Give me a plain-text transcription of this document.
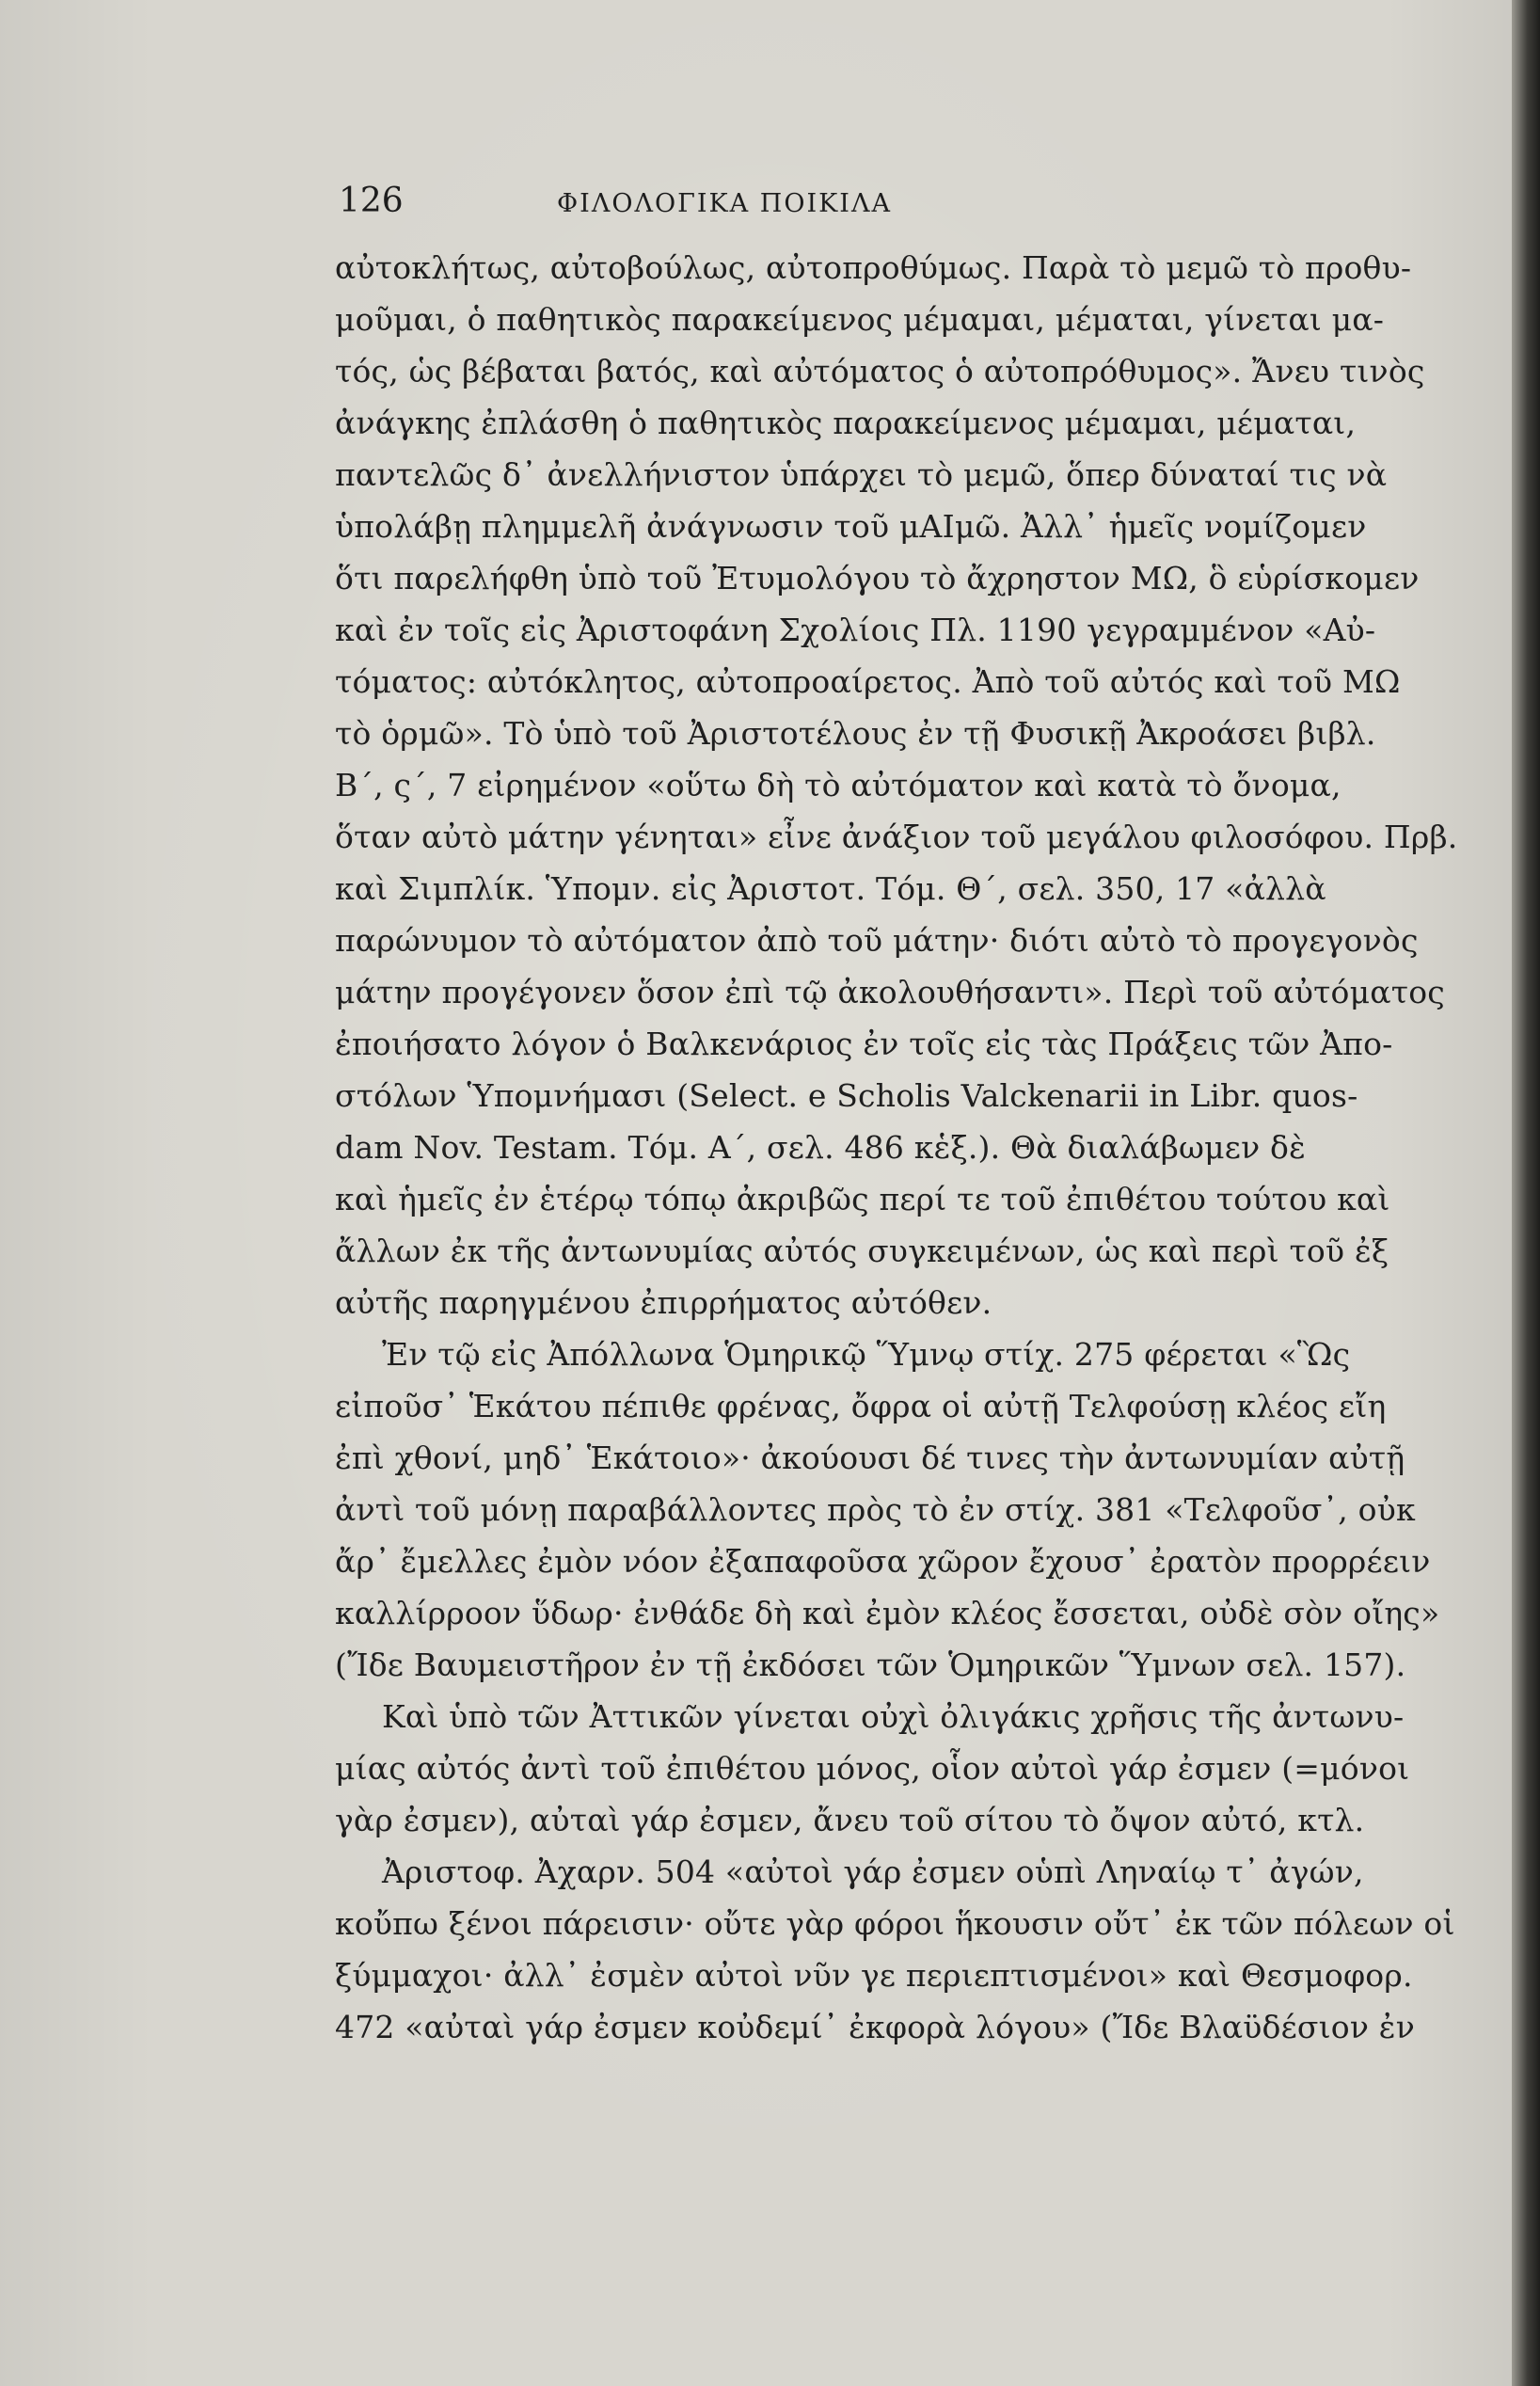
126	ΦΙΛΟΛΟΓΙΚΑ ΠΟΙΚΙΛΑ
αὐτοκλήτως, αὐτοβούλως, αὐτοπροθύμως. Παρὰ τὸ μεμῶ τὸ προθυ-
μοῦμαι, ὁ παθητικὸς παρακείμενος μέμαμαι, μέμαται, γίνεται μα-
τός, ὡς βέβαται βατός, καὶ αὐτόματος ὁ αὐτοπρόθυμος». Ἄνευ τινὸς
ἀνάγκης ἐπλάσθη ὁ παθητικὸς παρακείμενος μέμαμαι, μέμαται,
παντελῶς δ᾽ ἀνελλήνιστον ὑπάρχει τὸ μεμῶ, ὅπερ δύναταί τις νὰ
ὑπολάβῃ πλημμελῆ ἀνάγνωσιν τοῦ μΑΙμῶ. Ἀλλ᾽ ἡμεῖς νομίζομεν
ὅτι παρελήφθη ὑπὸ τοῦ Ἐτυμολόγου τὸ ἄχρηστον ΜΩ, ὃ εὑρίσκομεν
καὶ ἐν τοῖς εἰς Ἀριστοφάνη Σχολίοις Πλ. 1190 γεγραμμένον «Αὐ-
τόματος: αὐτόκλητος, αὐτοπροαίρετος. Ἀπὸ τοῦ αὐτός καὶ τοῦ ΜΩ
τὸ ὁρμῶ». Τὸ ὑπὸ τοῦ Ἀριστοτέλους ἐν τῇ Φυσικῇ Ἀκροάσει βιβλ.
Β΄, ς΄, 7 εἰρημένον «οὕτω δὴ τὸ αὐτόματον καὶ κατὰ τὸ ὄνομα,
ὅταν αὐτὸ μάτην γένηται» εἶνε ἀνάξιον τοῦ μεγάλου φιλοσόφου. Πρβ.
καὶ Σιμπλίκ. Ὑπομν. εἰς Ἀριστοτ. Τόμ. Θ΄, σελ. 350, 17 «ἀλλὰ
παρώνυμον τὸ αὐτόματον ἀπὸ τοῦ μάτην· διότι αὐτὸ τὸ προγεγονὸς
μάτην προγέγονεν ὅσον ἐπὶ τῷ ἀκολουθήσαντι». Περὶ τοῦ αὐτόματος
ἐποιήσατο λόγον ὁ Βαλκενάριος ἐν τοῖς εἰς τὰς Πράξεις τῶν Ἀπο-
στόλων Ὑπομνήμασι (Select. e Scholis Valckenarii in Libr. quos-
dam Nov. Testam. Τόμ. Α΄, σελ. 486 κἑξ.). Θὰ διαλάβωμεν δὲ
καὶ ἡμεῖς ἐν ἑτέρῳ τόπῳ ἀκριβῶς περί τε τοῦ ἐπιθέτου τούτου καὶ
ἄλλων ἐκ τῆς ἀντωνυμίας αὐτός συγκειμένων, ὡς καὶ περὶ τοῦ ἐξ
αὐτῆς παρηγμένου ἐπιρρήματος αὐτόθεν.
Ἐν τῷ εἰς Ἀπόλλωνα Ὁμηρικῷ Ὕμνῳ στίχ. 275 φέρεται «Ὣς
εἰποῦσ᾽ Ἑκάτου πέπιθε φρένας, ὄφρα οἱ αὐτῇ Τελφούσῃ κλέος εἴη
ἐπὶ χθονί, μηδ᾽ Ἑκάτοιο»· ἀκούουσι δέ τινες τὴν ἀντωνυμίαν αὐτῇ
ἀντὶ τοῦ μόνῃ παραβάλλοντες πρὸς τὸ ἐν στίχ. 381 «Τελφοῦσ᾽, οὐκ
ἄρ᾽ ἔμελλες ἐμὸν νόον ἐξαπαφοῦσα χῶρον ἔχουσ᾽ ἐρατὸν προρρέειν
καλλίρροον ὕδωρ· ἐνθάδε δὴ καὶ ἐμὸν κλέος ἔσσεται, οὐδὲ σὸν οἴης»
(Ἴδε Βαυμειστῆρον ἐν τῇ ἐκδόσει τῶν Ὁμηρικῶν Ὕμνων σελ. 157).
Καὶ ὑπὸ τῶν Ἀττικῶν γίνεται οὐχὶ ὀλιγάκις χρῆσις τῆς ἀντωνυ-
μίας αὐτός ἀντὶ τοῦ ἐπιθέτου μόνος, οἷον αὐτοὶ γάρ ἐσμεν (=μόνοι
γὰρ ἐσμεν), αὐταὶ γάρ ἐσμεν, ἄνευ τοῦ σίτου τὸ ὄψον αὐτό, κτλ.
Ἀριστοφ. Ἀχαρν. 504 «αὐτοὶ γάρ ἐσμεν οὑπὶ Ληναίῳ τ᾽ ἀγών,
κοὔπω ξένοι πάρεισιν· οὔτε γὰρ φόροι ἥκουσιν οὔτ᾽ ἐκ τῶν πόλεων οἱ
ξύμμαχοι· ἀλλ᾽ ἐσμὲν αὐτοὶ νῦν γε περιεπτισμένοι» καὶ Θεσμοφορ.
472 «αὐταὶ γάρ ἐσμεν κοὐδεμί᾽ ἐκφορὰ λόγου» (Ἴδε Βλαϋδέσιον ἐν
